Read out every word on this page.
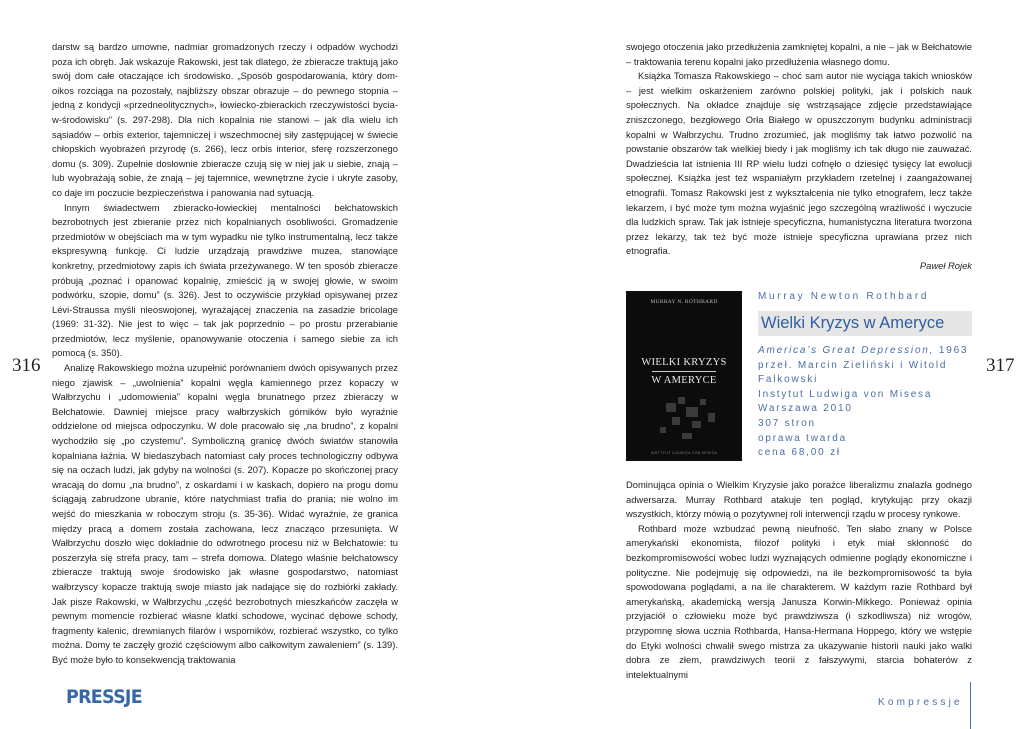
darstw są bardzo umowne, nadmiar gromadzonych rzeczy i odpadów wychodzi poza ich obręb. Jak wskazuje Rakowski, jest tak dlatego, że zbieracze traktują jako swój dom całe otaczające ich środowisko. „Sposób gospodarowania, który dom-oikos rozciąga na pozostały, najbliższy obszar obrazuje – do pewnego stopnia – jedną z kondycji «przedneolitycznych», łowiecko-zbierackich rzeczywistości bycia-w-środowisku” (s. 297-298). Dla nich kopalnia nie stanowi – jak dla wielu ich sąsiadów – orbis exterior, tajemniczej i wszechmocnej siły zastępującej w świecie chłopskich wyobrażeń przyrodę (s. 266), lecz orbis interior, sferę rozszerzonego domu (s. 309). Zupełnie dosłownie zbieracze czują się w niej jak u siebie, znają – lub wyobrażają sobie, że znają – jej tajemnice, wewnętrzne życie i ukryte zasoby, co daje im poczucie bezpieczeństwa i panowania nad sytuacją.

Innym świadectwem zbieracko-łowieckiej mentalności bełchatowskich bezrobotnych jest zbieranie przez nich kopalnianych osobliwości. Gromadzenie przedmiotów w obejściach ma w tym wypadku nie tylko instrumentalną, lecz także ekspresywną funkcję. Ci ludzie urządzają prawdziwe muzea, stanowiące konkretny, przedmiotowy zapis ich świata przeżywanego. W ten sposób zbieracze próbują „poznać i opanować kopalnię, zmieścić ją w swojej głowie, w swoim podwórku, szopie, domu” (s. 326). Jest to oczywiście przykład opisywanej przez Lévi-Straussa myśli nieoswojonej, wyrażającej znaczenia na zasadzie bricolage (1969: 31-32). Nie jest to więc – tak jak poprzednio – po prostu przerabianie przedmiotów, lecz myślenie, opanowywanie otoczenia i samego siebie za ich pomocą (s. 350).

Analizę Rakowskiego można uzupełnić porównaniem dwóch opisywanych przez niego zjawisk – „uwolnienia” kopalni węgla kamiennego przez kopaczy w Wałbrzychu i „udomowienia” kopalni węgla brunatnego przez zbieraczy w Bełchatowie. Dawniej miejsce pracy wałbrzyskich górników było wyraźnie oddzielone od miejsca odpoczynku. W dole pracowało się „na brudno”, z kopalni wychodziło się „po czystemu”. Symboliczną granicę dwóch światów stanowiła kopalniana łaźnia. W biedaszybach natomiast cały proces technologiczny odbywa się na oczach ludzi, jak gdyby na wolności (s. 207). Kopacze po skończonej pracy wracają do domu „na brudno”, z oskardami i w kaskach, dopiero na progu domu ściągają zabrudzone ubranie, które natychmiast trafia do prania; nie wolno im wejść do mieszkania w roboczym stroju (s. 35-36). Widać wyraźnie, że granica między pracą a domem została zachowana, lecz znacząco przesunięta. W Wałbrzychu doszło więc dokładnie do odwrotnego procesu niż w Bełchatowie: tu poszerzyła się strefa pracy, tam – strefa domowa. Dlatego właśnie bełchatowscy zbieracze traktują swoje środowisko jak własne gospodarstwo, natomiast wałbrzyscy kopacze traktują swoje miasto jak nadające się do rozbiórki zakłady. Jak pisze Rakowski, w Wałbrzychu „część bezrobotnych mieszkańców zaczęła w pewnym momencie rozbierać własne klatki schodowe, wycinać dębowe schody, fragmenty kalenic, drewnianych filarów i wsporników, rozbierać wszystko, co tylko można. Domy te zaczęły grozić częściowym albo całkowitym zawaleniem” (s. 139). Być może było to konsekwencją traktowania

316

swojego otoczenia jako przedłużenia zamkniętej kopalni, a nie – jak w Bełchatowie – traktowania terenu kopalni jako przedłużenia własnego domu.

Książka Tomasza Rakowskiego – choć sam autor nie wyciąga takich wniosków – jest wielkim oskarżeniem zarówno polskiej polityki, jak i polskich nauk społecznych. Na okładce znajduje się wstrząsające zdjęcie przedstawiające zniszczonego, bezgłowego Orła Białego w opuszczonym budynku administracji kopalni w Wałbrzychu. Trudno zrozumieć, jak mogliśmy tak łatwo pozwolić na powstanie obszarów tak wielkiej biedy i jak mogliśmy ich tak długo nie zauważać. Dwadzieścia lat istnienia III RP wielu ludzi cofnęło o dziesięć tysięcy lat ewolucji społecznej. Książka jest też wspaniałym przykładem rzetelnej i zaangażowanej etnografii. Tomasz Rakowski jest z wykształcenia nie tylko etnografem, lecz także lekarzem, i być może tym można wyjaśnić jego szczególną wrażliwość i wyczucie dla ludzkich spraw. Tak jak istnieje specyficzna, humanistyczna literatura tworzona przez lekarzy, tak też być może istnieje specyficzna uprawiana przez nich etnografia.

Paweł Rojek

MURRAY N. ROTHBARD
WIELKI KRYZYS
W AMERYCE
INSTYTUT LUDWIGA VON MISESA
Murray Newton Rothbard
Wielki Kryzys w Ameryce
America’s Great Depression, 1963
przeł. Marcin Zieliński i Witold
Falkowski
Instytut Ludwiga von Misesa
Warszawa 2010
307 stron
oprawa twarda
cena 68,00 zł

Dominująca opinia o Wielkim Kryzysie jako porażce liberalizmu znalazła godnego adwersarza. Murray Rothbard atakuje ten pogląd, krytykując przy okazji wszystkich, którzy mówią o pozytywnej roli interwencji rządu w procesy rynkowe.

Rothbard może wzbudzać pewną nieufność. Ten słabo znany w Polsce amerykański ekonomista, filozof polityki i etyk miał skłonność do bezkompromisowości wobec ludzi wyznających odmienne poglądy ekonomiczne i polityczne. Nie podejmuję się odpowiedzi, na ile bezkompromisowość ta była spowodowana poglądami, a na ile charakterem. W każdym razie Rothbard był amerykańską, akademicką wersją Janusza Korwin-Mikkego. Ponieważ opinia przyjaciół o człowieku może być prawdziwsza (i szkodliwsza) niż wrogów, przypomnę słowa ucznia Rothbarda, Hansa-Hermana Hoppego, który we wstępie do Etyki wolności chwalił swego mistrza za ukazywanie historii nauki jako walki dobra ze złem, prawdziwych teorii z fałszywymi, starcia bohaterów z intelektualnymi

317
PRESSJE	Kompressje
